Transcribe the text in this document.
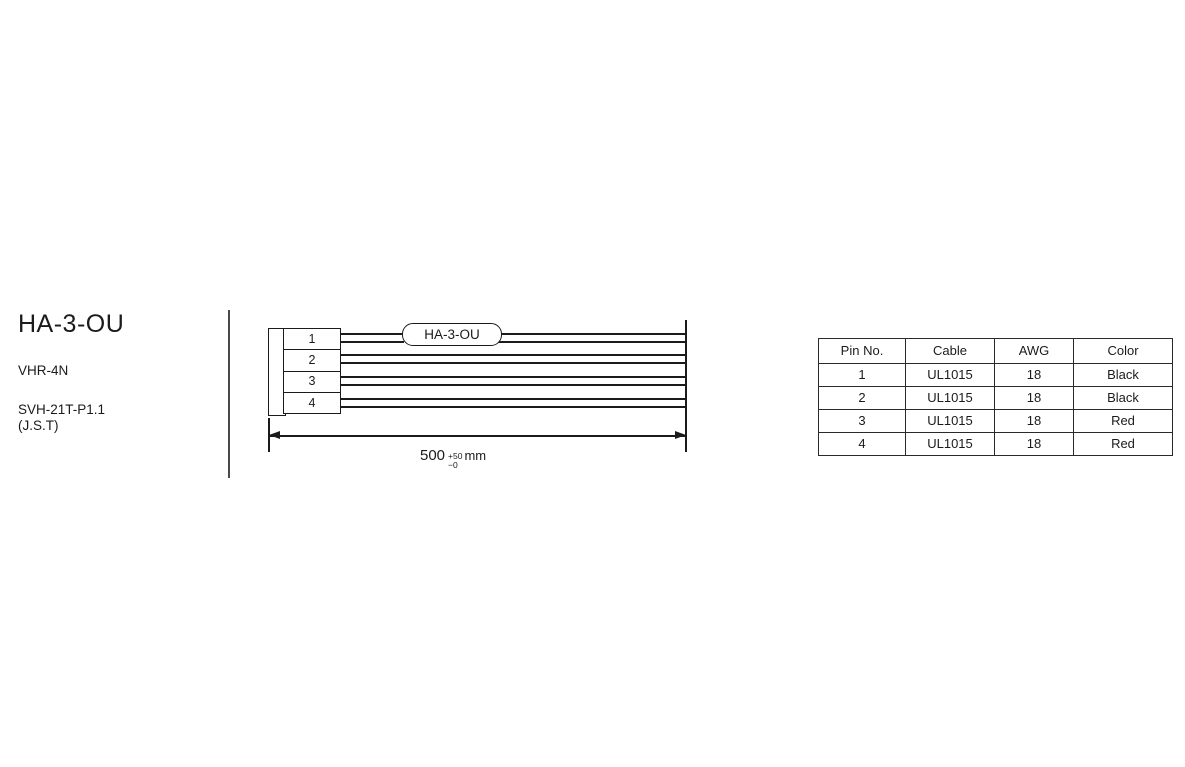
HA-3-OU
VHR-4N
SVH-21T-P1.1
(J.S.T)
1
2
3
4
HA-3-OU
500 +50
−0
mm
Pin No.	Cable	AWG	Color
1	UL1015	18	Black
2	UL1015	18	Black
3	UL1015	18	Red
4	UL1015	18	Red
